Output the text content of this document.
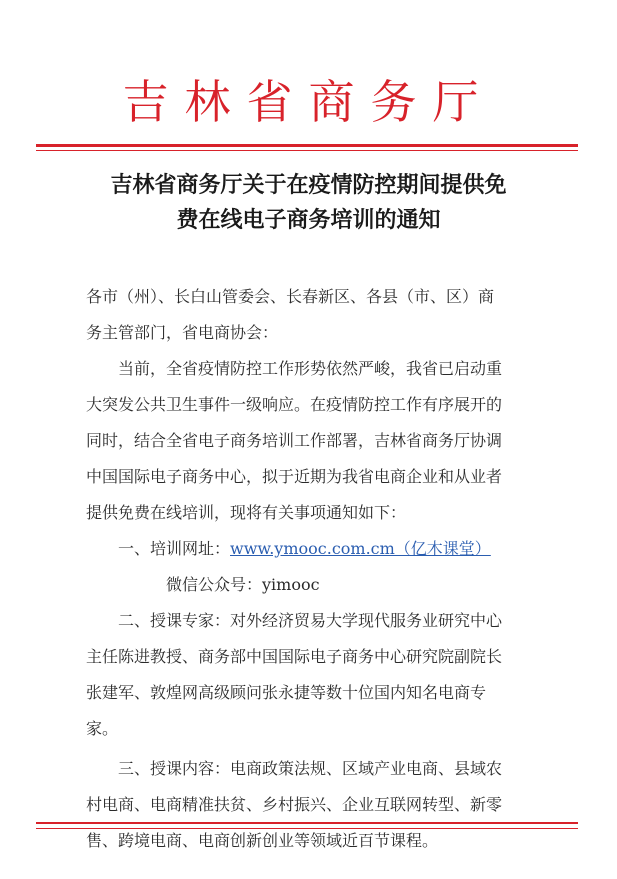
吉林省商务厅
吉林省商务厅关于在疫情防控期间提供免
费在线电子商务培训的通知
各市（州）、长白山管委会、长春新区、各县（市、区）商
务主管部门，省电商协会：
当前，全省疫情防控工作形势依然严峻，我省已启动重
大突发公共卫生事件一级响应。在疫情防控工作有序展开的
同时，结合全省电子商务培训工作部署，吉林省商务厅协调
中国国际电子商务中心，拟于近期为我省电商企业和从业者
提供免费在线培训，现将有关事项通知如下：
一、培训网址：www.ymooc.com.cm（亿木课堂）
微信公众号：yimooc
二、授课专家：对外经济贸易大学现代服务业研究中心
主任陈进教授、商务部中国国际电子商务中心研究院副院长
张建军、敦煌网高级顾问张永捷等数十位国内知名电商专
家。
三、授课内容：电商政策法规、区域产业电商、县域农
村电商、电商精准扶贫、乡村振兴、企业互联网转型、新零
售、跨境电商、电商创新创业等领域近百节课程。
